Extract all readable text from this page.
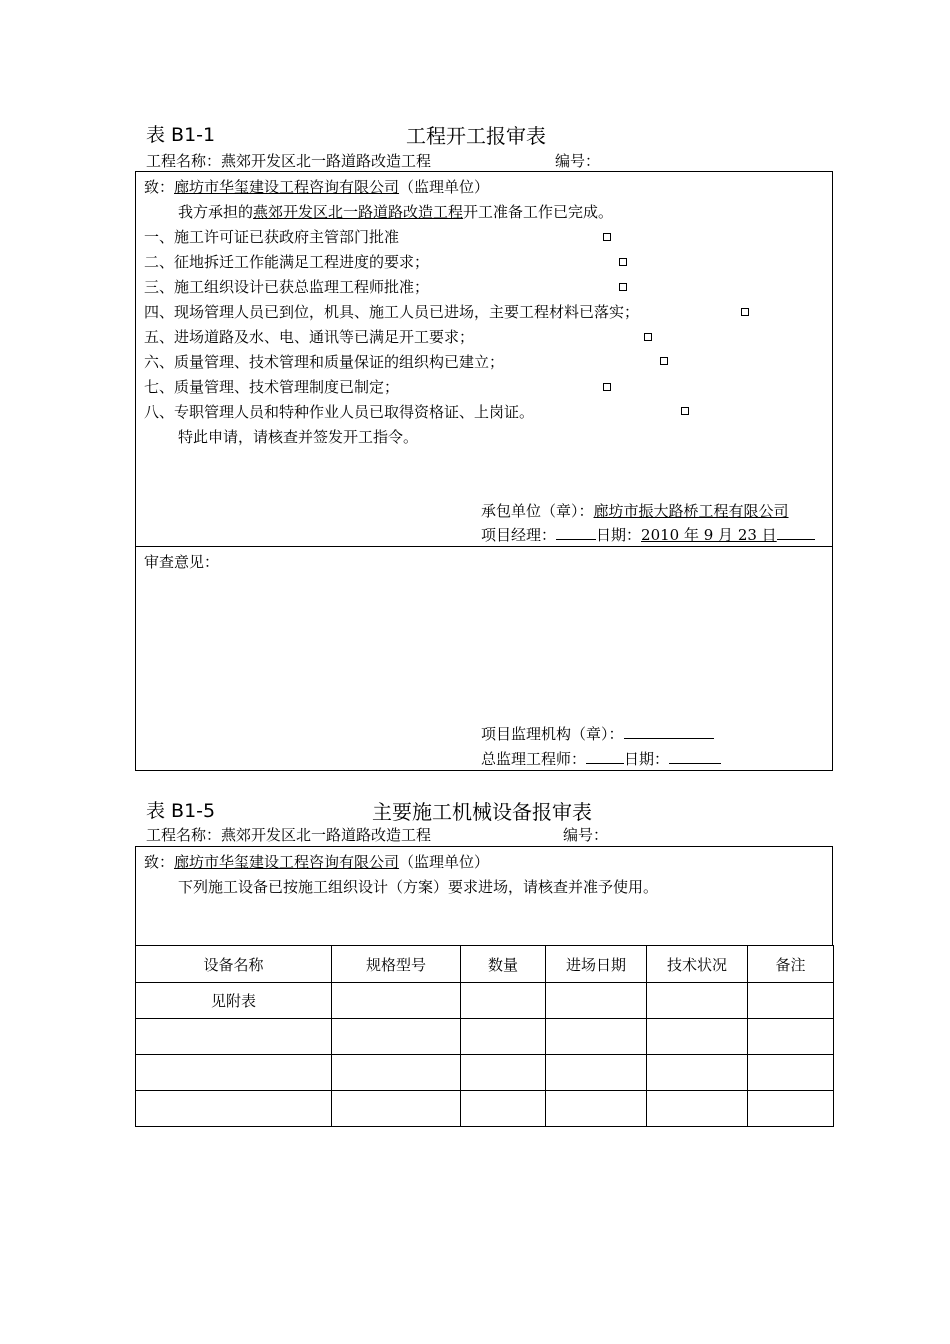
表 B1-1	工程开工报审表
工程名称：燕郊开发区北一路道路改造工程	编号：
致：廊坊市华玺建设工程咨询有限公司（监理单位）
我方承担的燕郊开发区北一路道路改造工程开工准备工作已完成。
一、施工许可证已获政府主管部门批准
二、征地拆迁工作能满足工程进度的要求；
三、施工组织设计已获总监理工程师批准；
四、现场管理人员已到位，机具、施工人员已进场，主要工程材料已落实；
五、进场道路及水、电、通讯等已满足开工要求；
六、质量管理、技术管理和质量保证的组织构已建立；
七、质量管理、技术管理制度已制定；
八、专职管理人员和特种作业人员已取得资格证、上岗证。
特此申请，请核查并签发开工指令。
承包单位（章）：廊坊市振大路桥工程有限公司
项目经理：	日期：2010 年 9 月 23 日
审查意见：
项目监理机构（章）：
总监理工程师：	日期：
表 B1-5	主要施工机械设备报审表
工程名称：燕郊开发区北一路道路改造工程	编号：
致：廊坊市华玺建设工程咨询有限公司（监理单位）
下列施工设备已按施工组织设计（方案）要求进场，请核查并准予使用。
设备名称	规格型号	数量	进场日期	技术状况	备注
见附表					
